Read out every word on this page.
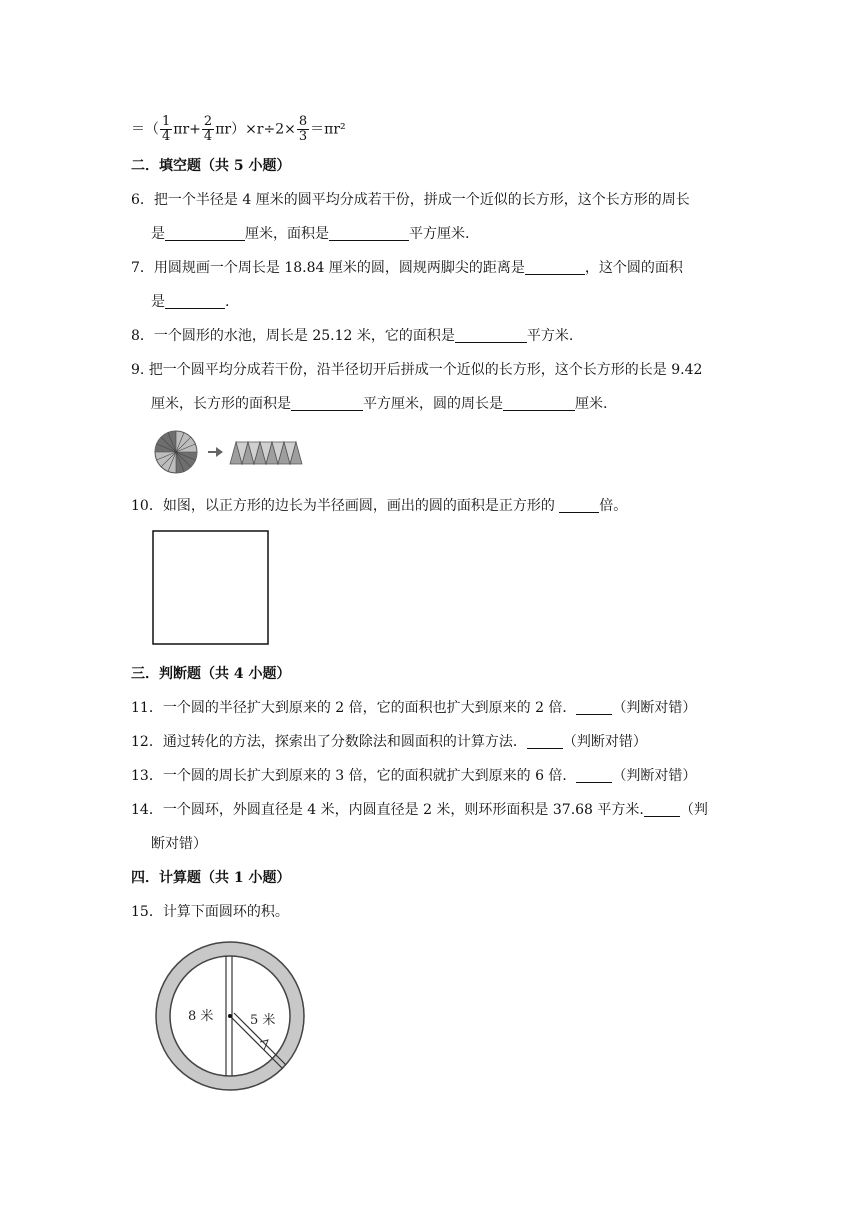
＝（ $\frac{1}{4} \pi r+ \frac{2}{4} \pi r)\times r\div 2\times \frac{8}{3} =\pi r^2$
二．填空题（共 5 小题）
6．把一个半径是 4 厘米的圆平均分成若干份，拼成一个近似的长方形，这个长方形的周长
是	厘米，面积是	平方厘米.
7．用圆规画一个周长是 18.84 厘米的圆，圆规两脚尖的距离是	，这个圆的面积
是	.
8．一个圆形的水池，周长是 25.12 米，它的面积是	平方米.
9. 把一个圆平均分成若干份，沿半径切开后拼成一个近似的长方形，这个长方形的长是 9.42
厘米，长方形的面积是	平方厘米，圆的周长是	厘米.
10．如图，以正方形的边长为半径画圆，画出的圆的面积是正方形的	倍。
三．判断题（共 4 小题）
11．一个圆的半径扩大到原来的 2 倍，它的面积也扩大到原来的 2 倍．	（判断对错）
12．通过转化的方法，探索出了分数除法和圆面积的计算方法．	（判断对错）
13．一个圆的周长扩大到原来的 3 倍，它的面积就扩大到原来的 6 倍．	（判断对错）
14．一个圆环，外圆直径是 4 米，内圆直径是 2 米，则环形面积是 37.68 平方米.	（判
断对错）
四．计算题（共 1 小题）
15．计算下面圆环的积。
8 米	5 米
